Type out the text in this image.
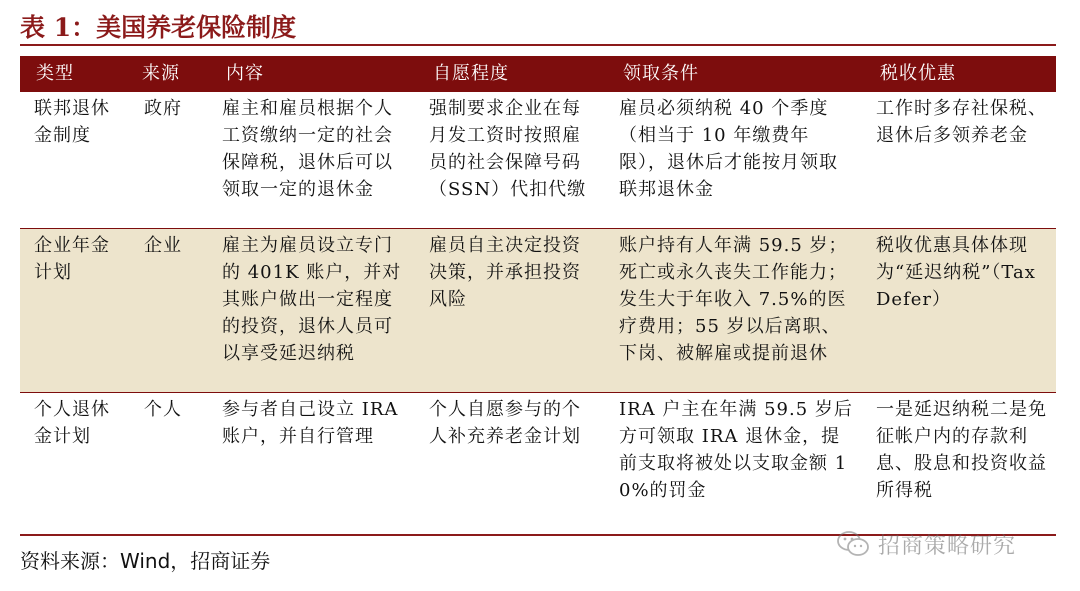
表 1：美国养老保险制度
类型	来源	内容	自愿程度	领取条件	税收优惠
联邦退休金制度	政府	雇主和雇员根据个人工资缴纳一定的社会保障税，退休后可以领取一定的退休金	强制要求企业在每月发工资时按照雇员的社会保障号码（SSN）代扣代缴	雇员必须纳税 40 个季度（相当于 10 年缴费年限），退休后才能按月领取联邦退休金	工作时多存社保税、退休后多领养老金
企业年金计划	企业	雇主为雇员设立专门的 401K 账户，并对其账户做出一定程度的投资，退休人员可以享受延迟纳税	雇员自主决定投资决策，并承担投资风险	账户持有人年满 59.5 岁；死亡或永久丧失工作能力；发生大于年收入 7.5%的医疗费用；55 岁以后离职、下岗、被解雇或提前退休	税收优惠具体体现为“延迟纳税”（Tax Defer）
个人退休金计划	个人	参与者自己设立 IRA 账户，并自行管理	个人自愿参与的个人补充养老金计划	IRA 户主在年满 59.5 岁后方可领取 IRA 退休金，提前支取将被处以支取金额 10%的罚金	一是延迟纳税二是免征帐户内的存款利息、股息和投资收益所得税
资料来源：Wind，招商证券
招商策略研究
